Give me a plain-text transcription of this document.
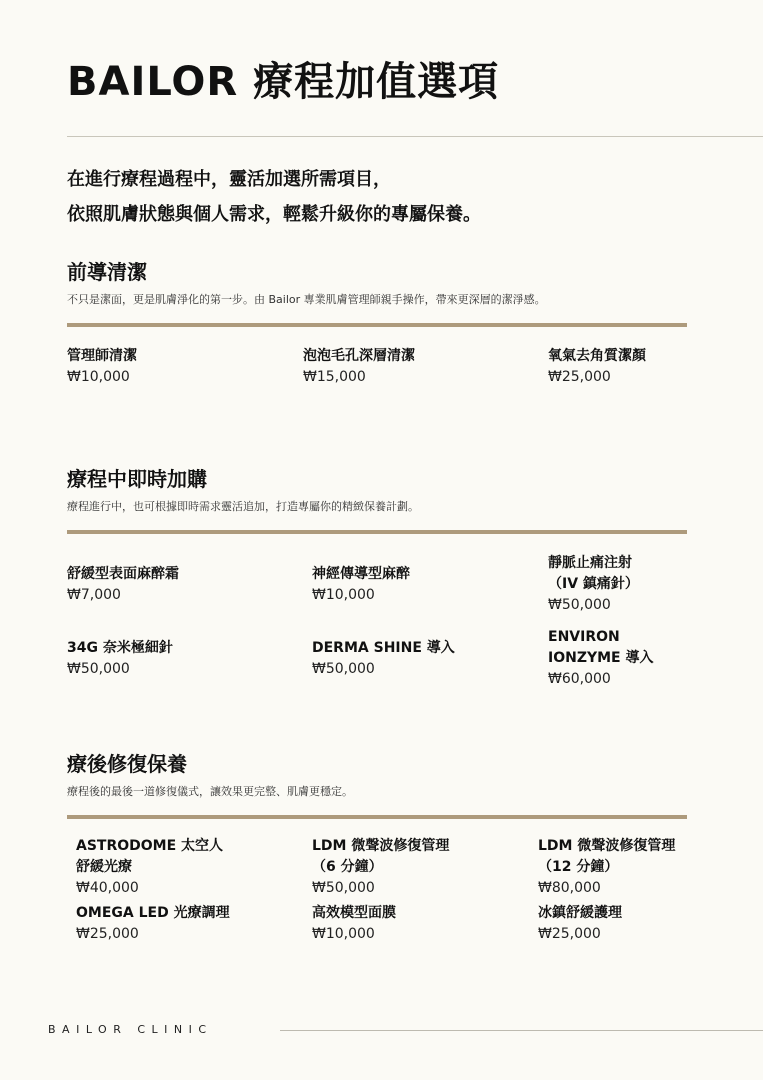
BAILOR 療程加值選項
在進行療程過程中，靈活加選所需項目，
依照肌膚狀態與個人需求，輕鬆升級你的專屬保養。
前導清潔
不只是潔面，更是肌膚淨化的第一步。由 Bailor 專業肌膚管理師親手操作，帶來更深層的潔淨感。
管理師清潔
₩10,000
泡泡毛孔深層清潔
₩15,000
氧氣去角質潔顏
₩25,000
療程中即時加購
療程進行中，也可根據即時需求靈活追加，打造專屬你的精緻保養計劃。
舒緩型表面麻醉霜
₩7,000
神經傳導型麻醉
₩10,000
靜脈止痛注射
（IV 鎮痛針）
₩50,000
34G 奈米極細針
₩50,000
DERMA SHINE 導入
₩50,000
ENVIRON
IONZYME 導入
₩60,000
療後修復保養
療程後的最後一道修復儀式，讓效果更完整、肌膚更穩定。
ASTRODOME 太空人
舒緩光療
₩40,000
LDM 微聲波修復管理
（6 分鐘）
₩50,000
LDM 微聲波修復管理
（12 分鐘）
₩80,000
OMEGA LED 光療調理
₩25,000
高效模型面膜
₩10,000
冰鎮舒緩護理
₩25,000
BAILOR CLINIC
